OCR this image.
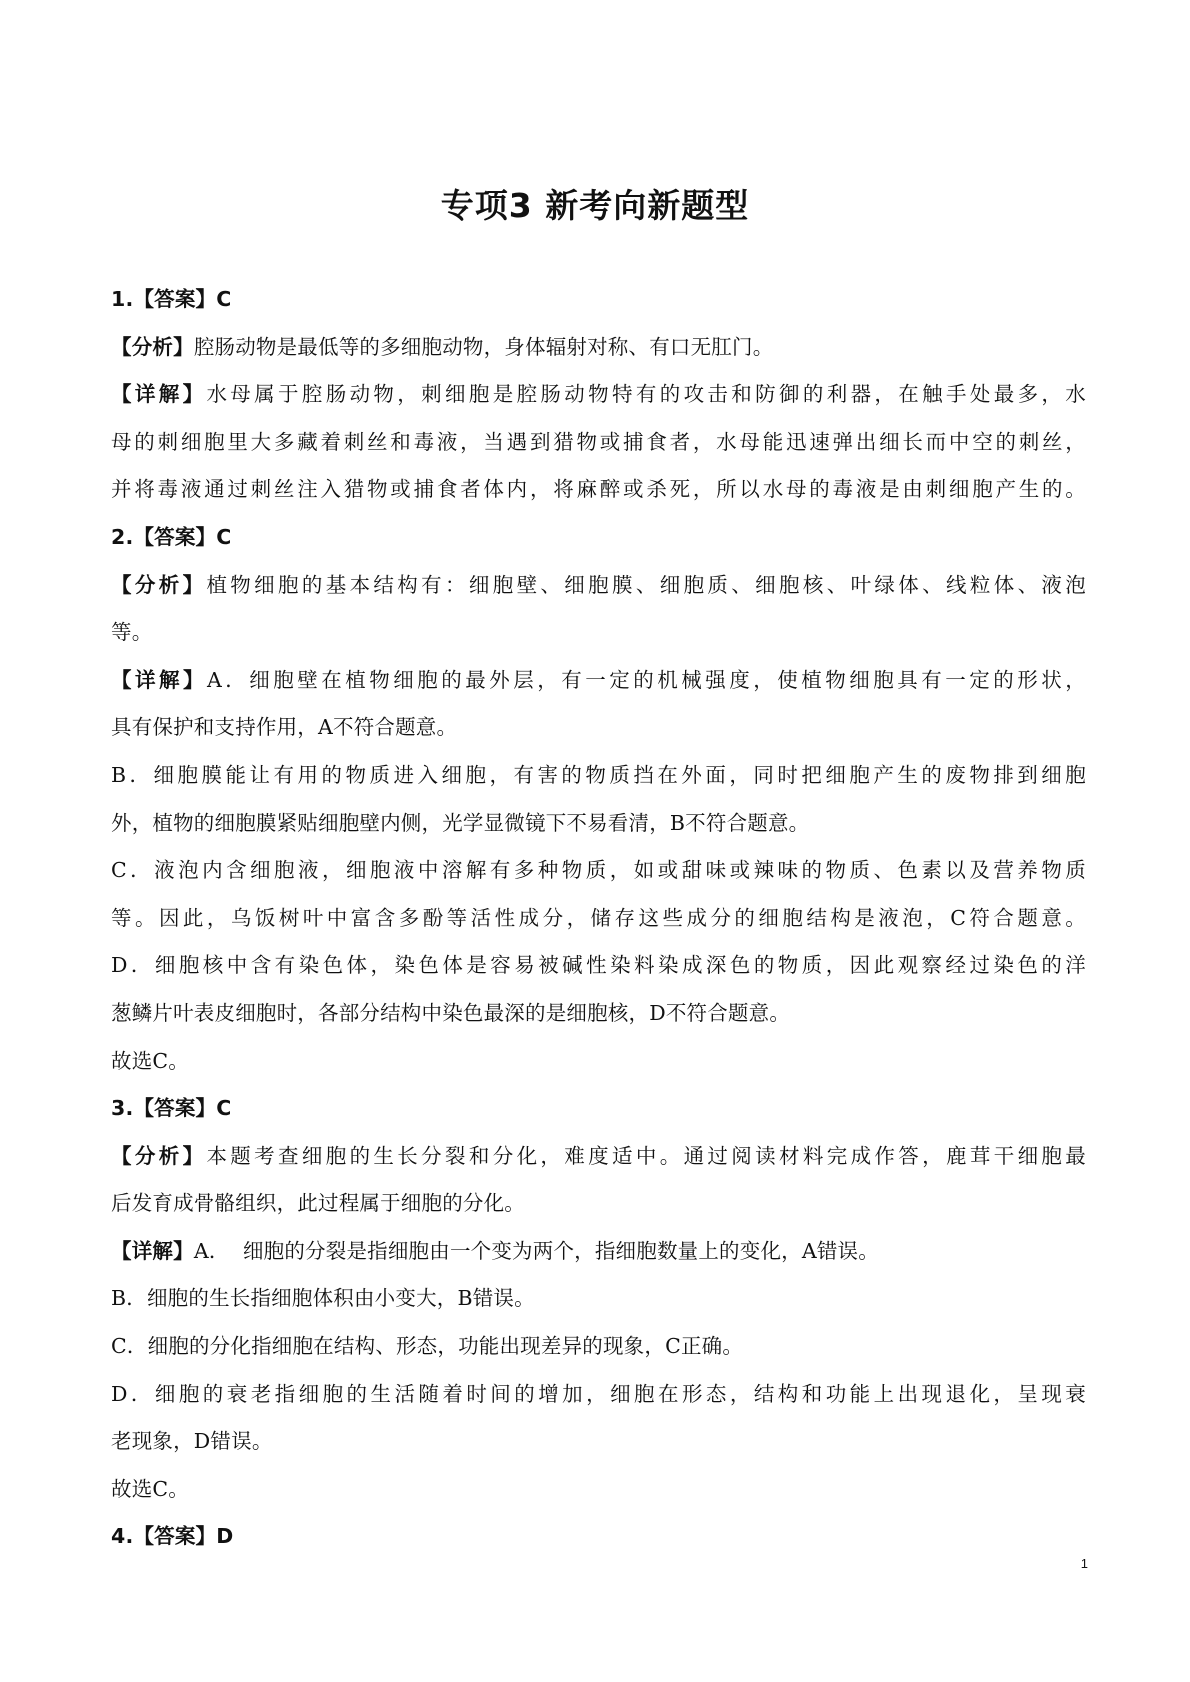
专项3 新考向新题型
1.【答案】C
【分析】腔肠动物是最低等的多细胞动物，身体辐射对称、有口无肛门。
【详解】水母属于腔肠动物，刺细胞是腔肠动物特有的攻击和防御的利器，在触手处最多，水
母的刺细胞里大多藏着刺丝和毒液，当遇到猎物或捕食者，水母能迅速弹出细长而中空的刺丝，
并将毒液通过刺丝注入猎物或捕食者体内，将麻醉或杀死，所以水母的毒液是由刺细胞产生的。
2.【答案】C
【分析】植物细胞的基本结构有：细胞壁、细胞膜、细胞质、细胞核、叶绿体、线粒体、液泡
等。
【详解】A．细胞壁在植物细胞的最外层，有一定的机械强度，使植物细胞具有一定的形状，
具有保护和支持作用，A不符合题意。
B．细胞膜能让有用的物质进入细胞，有害的物质挡在外面，同时把细胞产生的废物排到细胞
外，植物的细胞膜紧贴细胞壁内侧，光学显微镜下不易看清，B不符合题意。
C．液泡内含细胞液，细胞液中溶解有多种物质，如或甜味或辣味的物质、色素以及营养物质
等。因此，乌饭树叶中富含多酚等活性成分，储存这些成分的细胞结构是液泡，C符合题意。
D．细胞核中含有染色体，染色体是容易被碱性染料染成深色的物质，因此观察经过染色的洋
葱鳞片叶表皮细胞时，各部分结构中染色最深的是细胞核，D不符合题意。
故选C。
3.【答案】C
【分析】本题考查细胞的生长分裂和分化，难度适中。通过阅读材料完成作答，鹿茸干细胞最
后发育成骨骼组织，此过程属于细胞的分化。
【详解】A．  细胞的分裂是指细胞由一个变为两个，指细胞数量上的变化，A错误。
B．细胞的生长指细胞体积由小变大，B错误。
C．细胞的分化指细胞在结构、形态，功能出现差异的现象，C正确。
D．细胞的衰老指细胞的生活随着时间的增加，细胞在形态，结构和功能上出现退化，呈现衰
老现象，D错误。
故选C。
4.【答案】D
1
